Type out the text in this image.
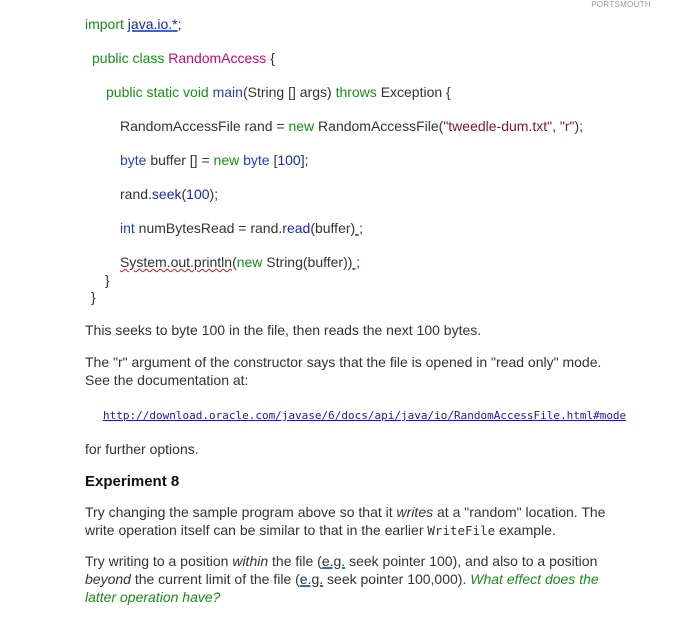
PORTSMOUTH
import java.io.*;
public class RandomAccess {
public static void main(String [] args) throws Exception {
RandomAccessFile rand = new RandomAccessFile("tweedle-dum.txt", "r");
byte buffer [] = new byte [100];
rand.seek(100);
int numBytesRead = rand.read(buffer) ;
System.out.println(new String(buffer)) ;
}
}
This seeks to byte 100 in the file, then reads the next 100 bytes.
The "r" argument of the constructor says that the file is opened in "read only" mode. See the documentation at:
http://download.oracle.com/javase/6/docs/api/java/io/RandomAccessFile.html#mode
for further options.
Experiment 8
Try changing the sample program above so that it writes at a "random" location. The write operation itself can be similar to that in the earlier WriteFile example.
Try writing to a position within the file (e.g. seek pointer 100), and also to a position beyond the current limit of the file (e.g. seek pointer 100,000). What effect does the latter operation have?
